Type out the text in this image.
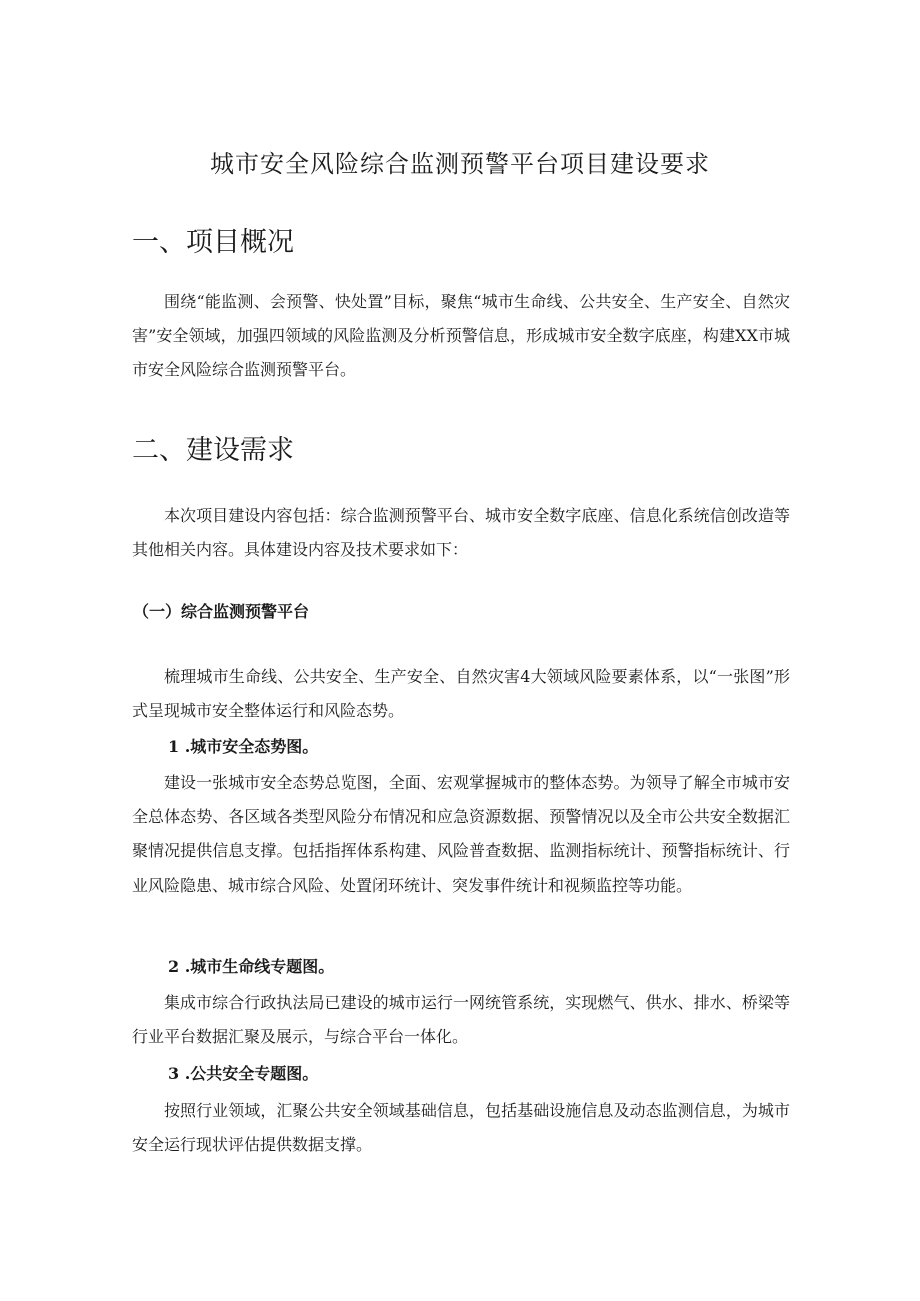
城市安全风险综合监测预警平台项目建设要求
一、项目概况

围绕“能监测、会预警、快处置”目标，聚焦“城市生命线、公共安全、生产安全、自然灾害”安全领域，加强四领域的风险监测及分析预警信息，形成城市安全数字底座，构建XX市城市安全风险综合监测预警平台。

二、建设需求

本次项目建设内容包括：综合监测预警平台、城市安全数字底座、信息化系统信创改造等其他相关内容。具体建设内容及技术要求如下：

（一）综合监测预警平台

梳理城市生命线、公共安全、生产安全、自然灾害4大领域风险要素体系，以“一张图”形式呈现城市安全整体运行和风险态势。

1 .城市安全态势图。

建设一张城市安全态势总览图，全面、宏观掌握城市的整体态势。为领导了解全市城市安全总体态势、各区域各类型风险分布情况和应急资源数据、预警情况以及全市公共安全数据汇聚情况提供信息支撑。包括指挥体系构建、风险普查数据、监测指标统计、预警指标统计、行业风险隐患、城市综合风险、处置闭环统计、突发事件统计和视频监控等功能。

2 .城市生命线专题图。

集成市综合行政执法局已建设的城市运行一网统管系统，实现燃气、供水、排水、桥梁等行业平台数据汇聚及展示，与综合平台一体化。

3 .公共安全专题图。

按照行业领域，汇聚公共安全领域基础信息，包括基础设施信息及动态监测信息，为城市安全运行现状评估提供数据支撑。
